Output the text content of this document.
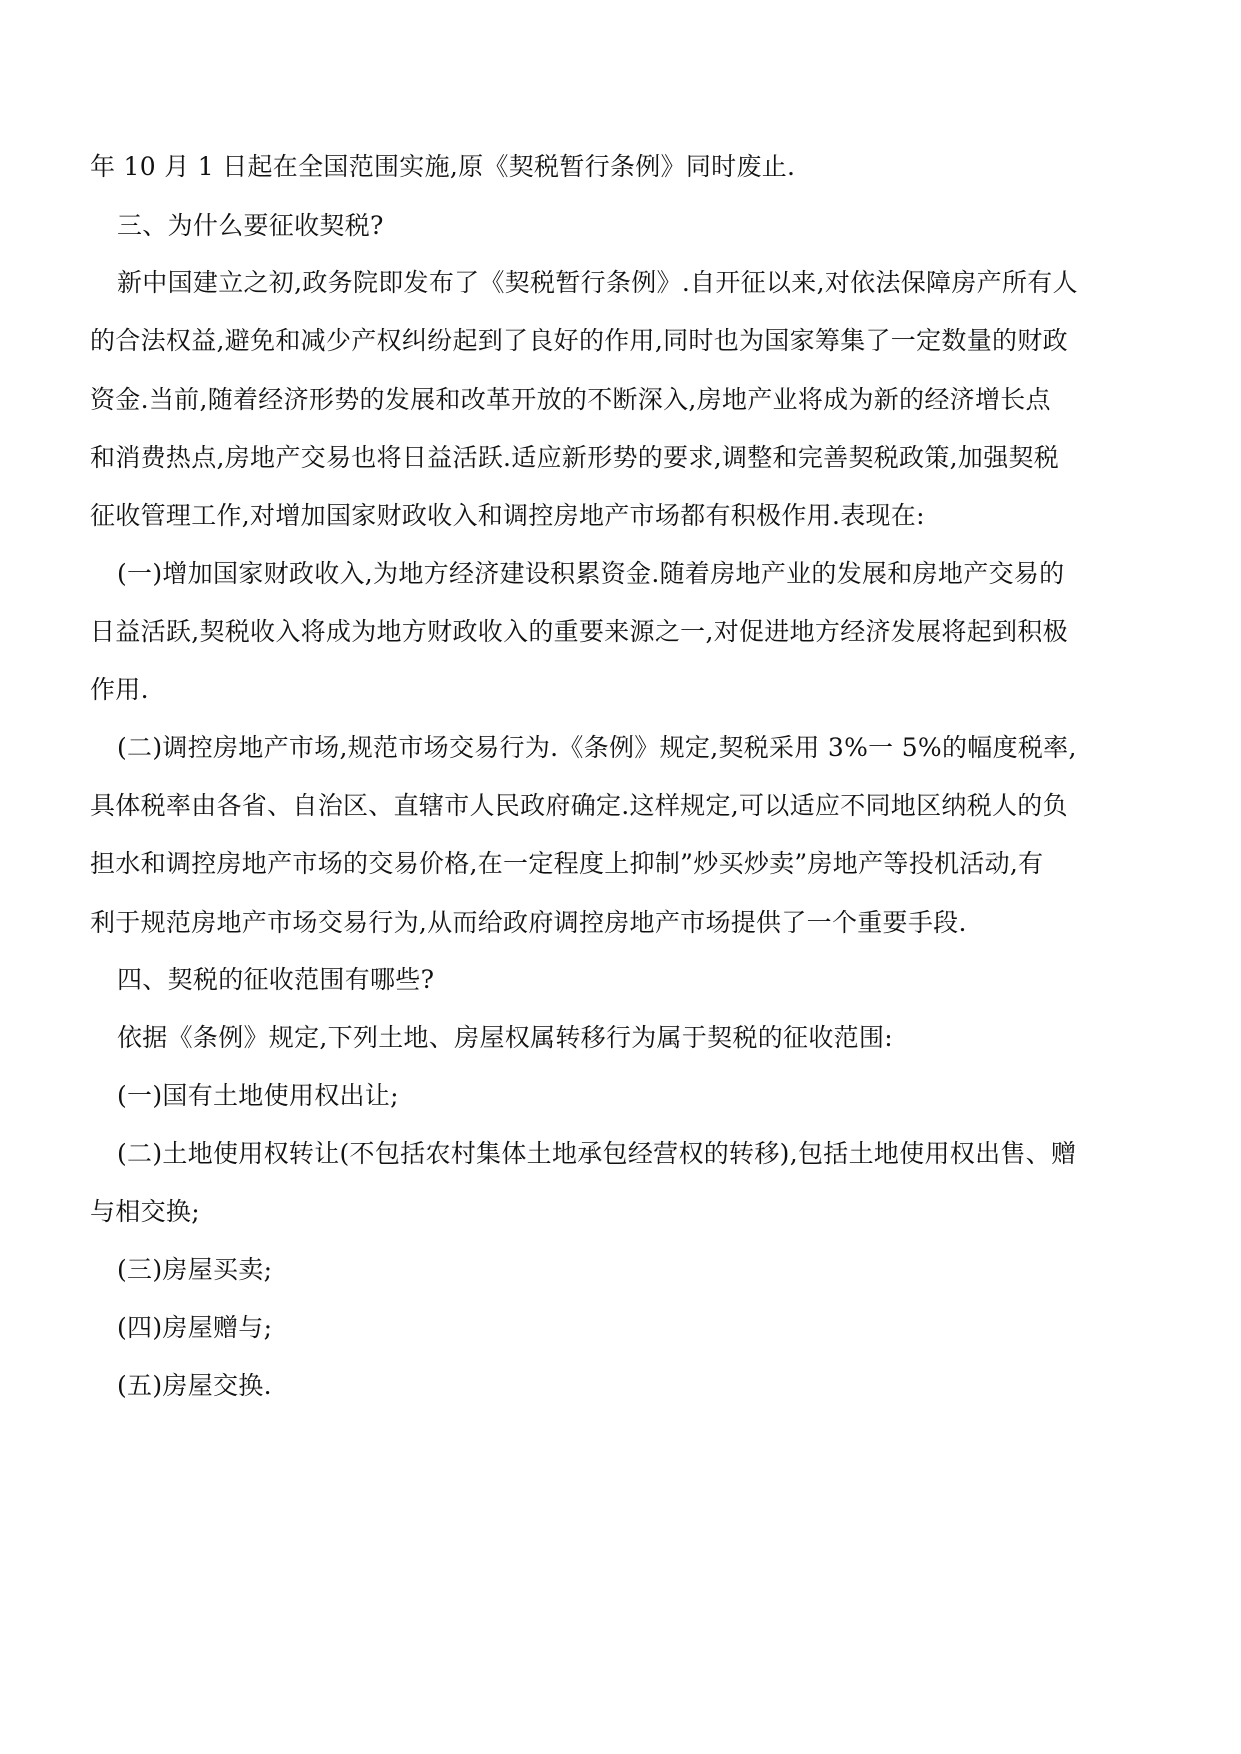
年 10 月 1 日起在全国范围实施,原《契税暂行条例》同时废止.

三、为什么要征收契税?

新中国建立之初,政务院即发布了《契税暂行条例》.自开征以来,对依法保障房产所有人

的合法权益,避免和减少产权纠纷起到了良好的作用,同时也为国家筹集了一定数量的财政

资金.当前,随着经济形势的发展和改革开放的不断深入,房地产业将成为新的经济增长点

和消费热点,房地产交易也将日益活跃.适应新形势的要求,调整和完善契税政策,加强契税

征收管理工作,对增加国家财政收入和调控房地产市场都有积极作用.表现在:

(一)增加国家财政收入,为地方经济建设积累资金.随着房地产业的发展和房地产交易的

日益活跃,契税收入将成为地方财政收入的重要来源之一,对促进地方经济发展将起到积极

作用.

(二)调控房地产市场,规范市场交易行为.《条例》规定,契税采用 3%一 5%的幅度税率,

具体税率由各省、自治区、直辖市人民政府确定.这样规定,可以适应不同地区纳税人的负

担水和调控房地产市场的交易价格,在一定程度上抑制”炒买炒卖”房地产等投机活动,有

利于规范房地产市场交易行为,从而给政府调控房地产市场提供了一个重要手段.

四、契税的征收范围有哪些?

依据《条例》规定,下列土地、房屋权属转移行为属于契税的征收范围:

(一)国有土地使用权出让;

(二)土地使用权转让(不包括农村集体土地承包经营权的转移),包括土地使用权出售、赠

与相交换;

(三)房屋买卖;

(四)房屋赠与;

(五)房屋交换.
